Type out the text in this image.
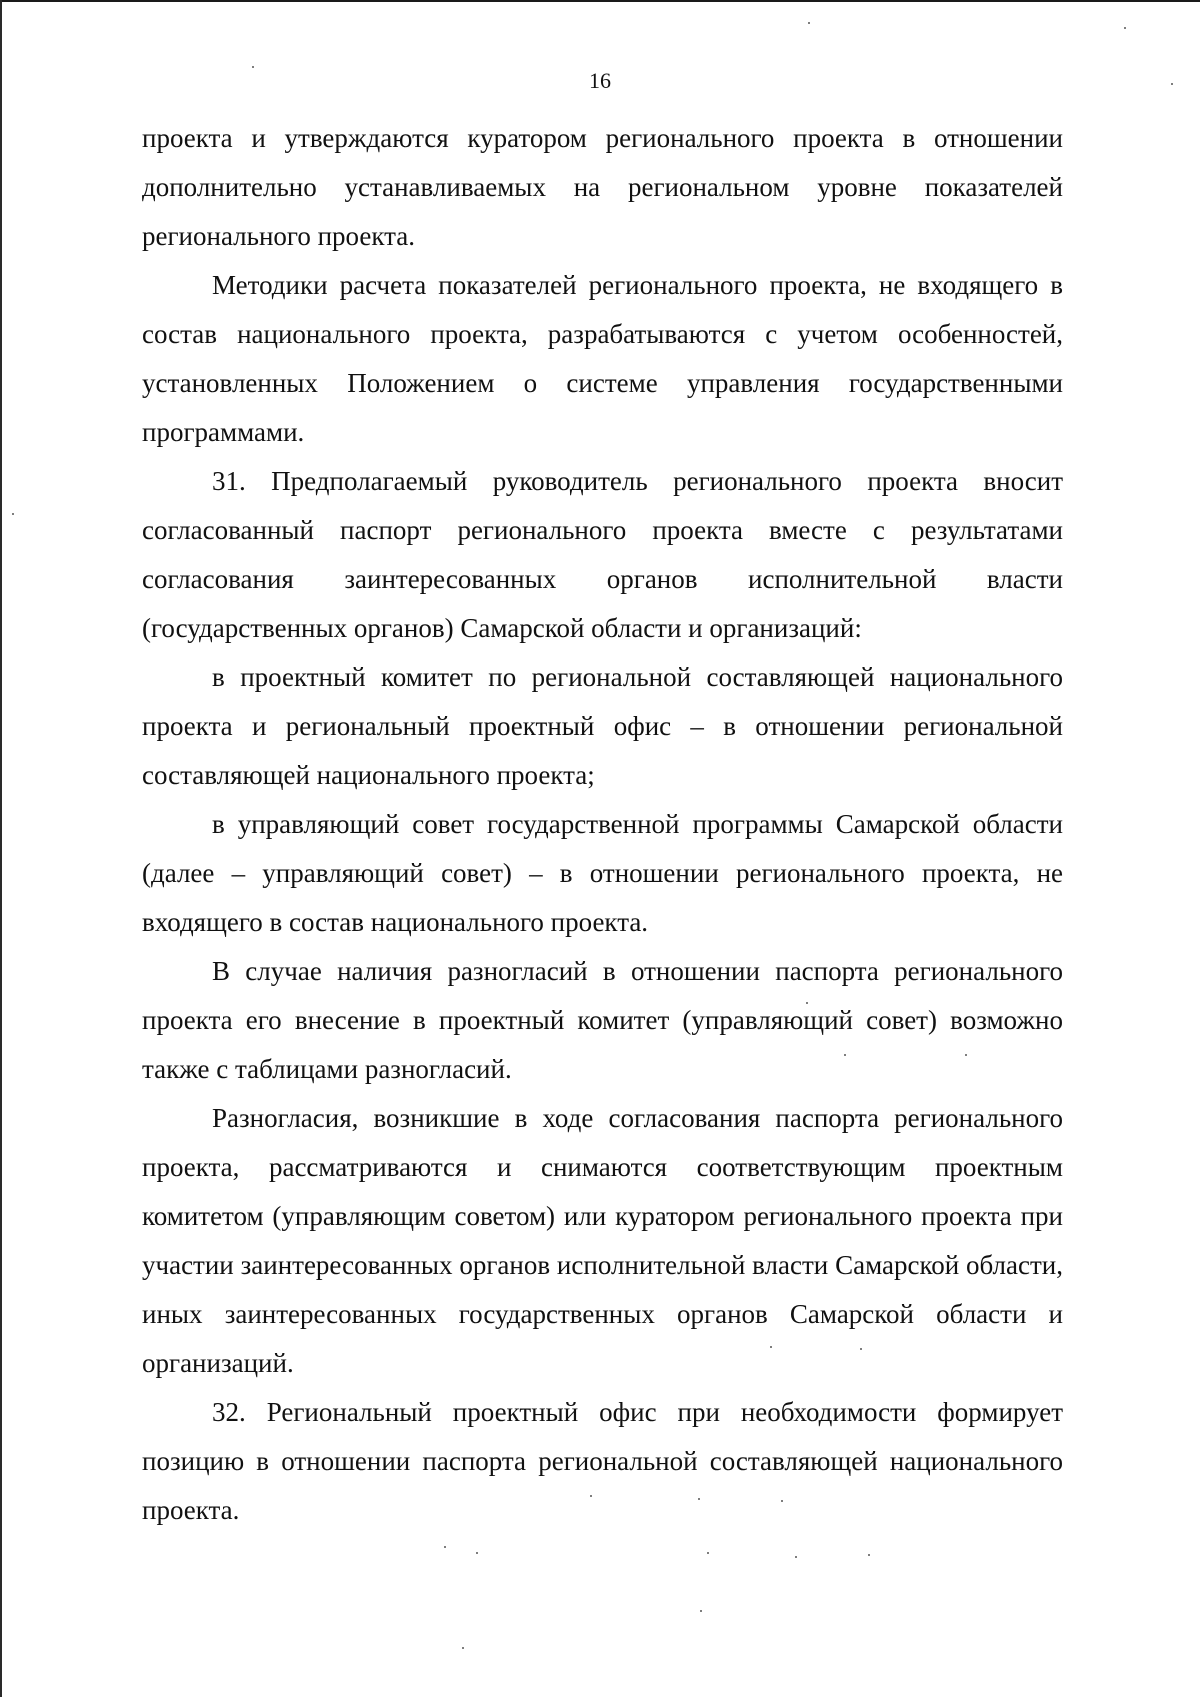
16

проекта и утверждаются куратором регионального проекта в отношении дополнительно устанавливаемых на региональном уровне показателей регионального проекта.

Методики расчета показателей регионального проекта, не входящего в состав национального проекта, разрабатываются с учетом особенностей, установленных Положением о системе управления государственными программами.

31. Предполагаемый руководитель регионального проекта вносит согласованный паспорт регионального проекта вместе с результатами согласования заинтересованных органов исполнительной власти (государственных органов) Самарской области и организаций:

в проектный комитет по региональной составляющей национального проекта и региональный проектный офис – в отношении региональной составляющей национального проекта;

в управляющий совет государственной программы Самарской области (далее – управляющий совет) – в отношении регионального проекта, не входящего в состав национального проекта.

В случае наличия разногласий в отношении паспорта регионального проекта его внесение в проектный комитет (управляющий совет) возможно также с таблицами разногласий.

Разногласия, возникшие в ходе согласования паспорта регионального проекта, рассматриваются и снимаются соответствующим проектным комитетом (управляющим советом) или куратором регионального проекта при участии заинтересованных органов исполнительной власти Самарской области, иных заинтересованных государственных органов Самарской области и организаций.

32. Региональный проектный офис при необходимости формирует позицию в отношении паспорта региональной составляющей национального проекта.
